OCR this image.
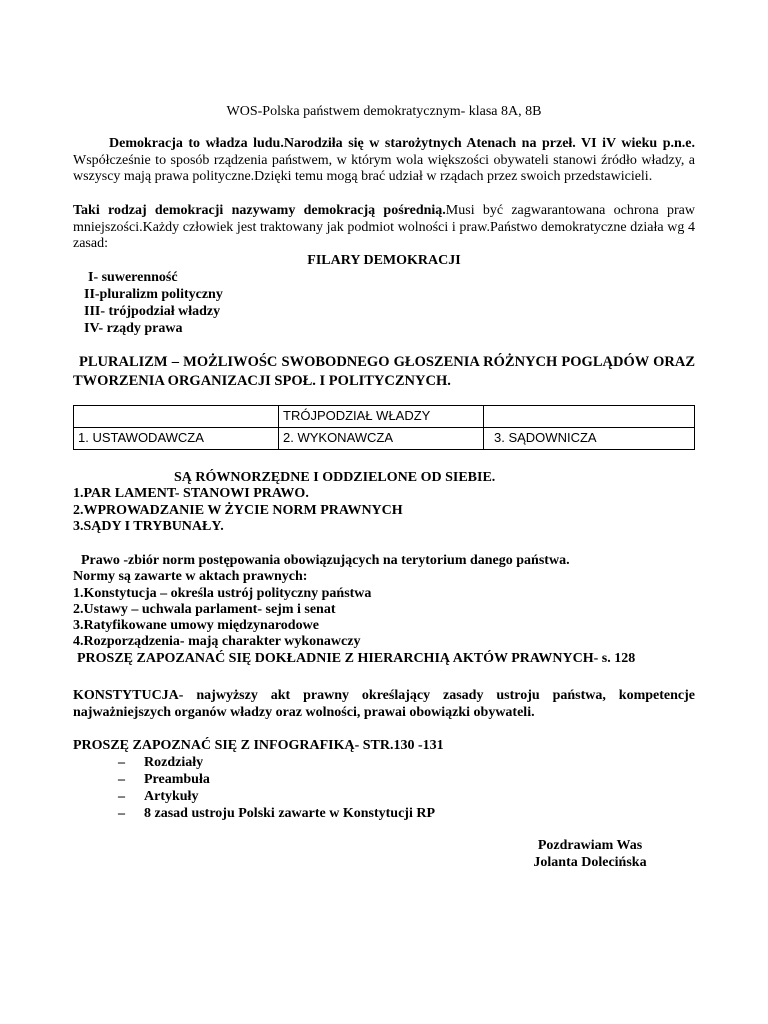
WOS-Polska państwem demokratycznym- klasa 8A, 8B
Demokracja to władza ludu.Narodziła się w starożytnych Atenach na przeł. VI iV wieku p.n.e. Współcześnie to sposób rządzenia państwem, w którym wola większości obywateli stanowi źródło władzy, a wszyscy mają prawa polityczne.Dzięki temu mogą brać udział w rządach przez swoich przedstawicieli.
Taki rodzaj demokracji nazywamy demokracją pośrednią.Musi być zagwarantowana ochrona praw mniejszości.Każdy człowiek jest traktowany jak podmiot wolności i praw.Państwo demokratyczne działa wg 4 zasad:
FILARY DEMOKRACJI
I- suwerenność
II-pluralizm polityczny
III- trójpodział władzy
IV- rządy prawa
PLURALIZM – MOŻLIWOŚC SWOBODNEGO GŁOSZENIA RÓŻNYCH POGLĄDÓW ORAZ TWORZENIA ORGANIZACJI SPOŁ. I POLITYCZNYCH.
	TRÓJPODZIAŁ WŁADZY	
1. USTAWODAWCZA	2. WYKONAWCZA	3. SĄDOWNICZA
SĄ RÓWNORZĘDNE I ODDZIELONE OD SIEBIE.
1.PAR LAMENT- STANOWI PRAWO.
2.WPROWADZANIE W ŻYCIE NORM PRAWNYCH
3.SĄDY I TRYBUNAŁY.
Prawo -zbiór norm postępowania obowiązujących na terytorium danego państwa.
Normy są zawarte w aktach prawnych:
1.Konstytucja – określa ustrój polityczny państwa
2.Ustawy – uchwala parlament- sejm i senat
3.Ratyfikowane umowy międzynarodowe
4.Rozporządzenia- mają charakter wykonawczy
PROSZĘ ZAPOZANAĆ SIĘ DOKŁADNIE Z HIERARCHIĄ AKTÓW PRAWNYCH- s. 128
KONSTYTUCJA- najwyższy akt prawny określający zasady ustroju państwa, kompetencje najważniejszych organów władzy oraz wolności, prawai obowiązki obywateli.
PROSZĘ ZAPOZNAĆ SIĘ Z INFOGRAFIKĄ- STR.130 -131
– Rozdziały
– Preambuła
– Artykuły
– 8 zasad ustroju Polski zawarte w Konstytucji RP
Pozdrawiam Was
Jolanta Dolecińska
